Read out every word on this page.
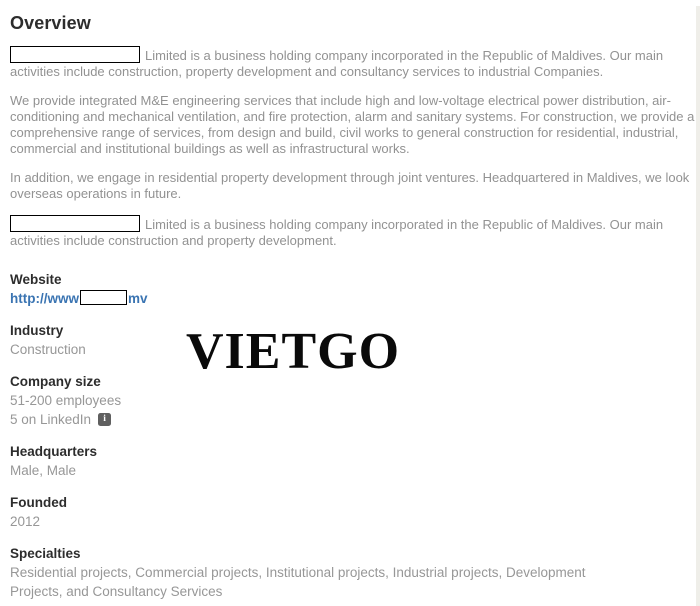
Overview

Limited is a business holding company incorporated in the Republic of Maldives. Our main activities include construction, property development and consultancy services to industrial Companies.

We provide integrated M&E engineering services that include high and low-voltage electrical power distribution, air-conditioning and mechanical ventilation, and fire protection, alarm and sanitary systems. For construction, we provide a comprehensive range of services, from design and build, civil works to general construction for residential, industrial, commercial and institutional buildings as well as infrastructural works.

In addition, we engage in residential property development through joint ventures. Headquartered in Maldives, we look overseas operations in future.

Limited is a business holding company incorporated in the Republic of Maldives. Our main activities include construction and property development.

Website
http://www	mv
Industry
Construction
Company size
51-200 employees
5 on LinkedIn	i
Headquarters
Male, Male
Founded
2012
Specialties
Residential projects, Commercial projects, Institutional projects, Industrial projects, Development Projects, and Consultancy Services
VIETGO
